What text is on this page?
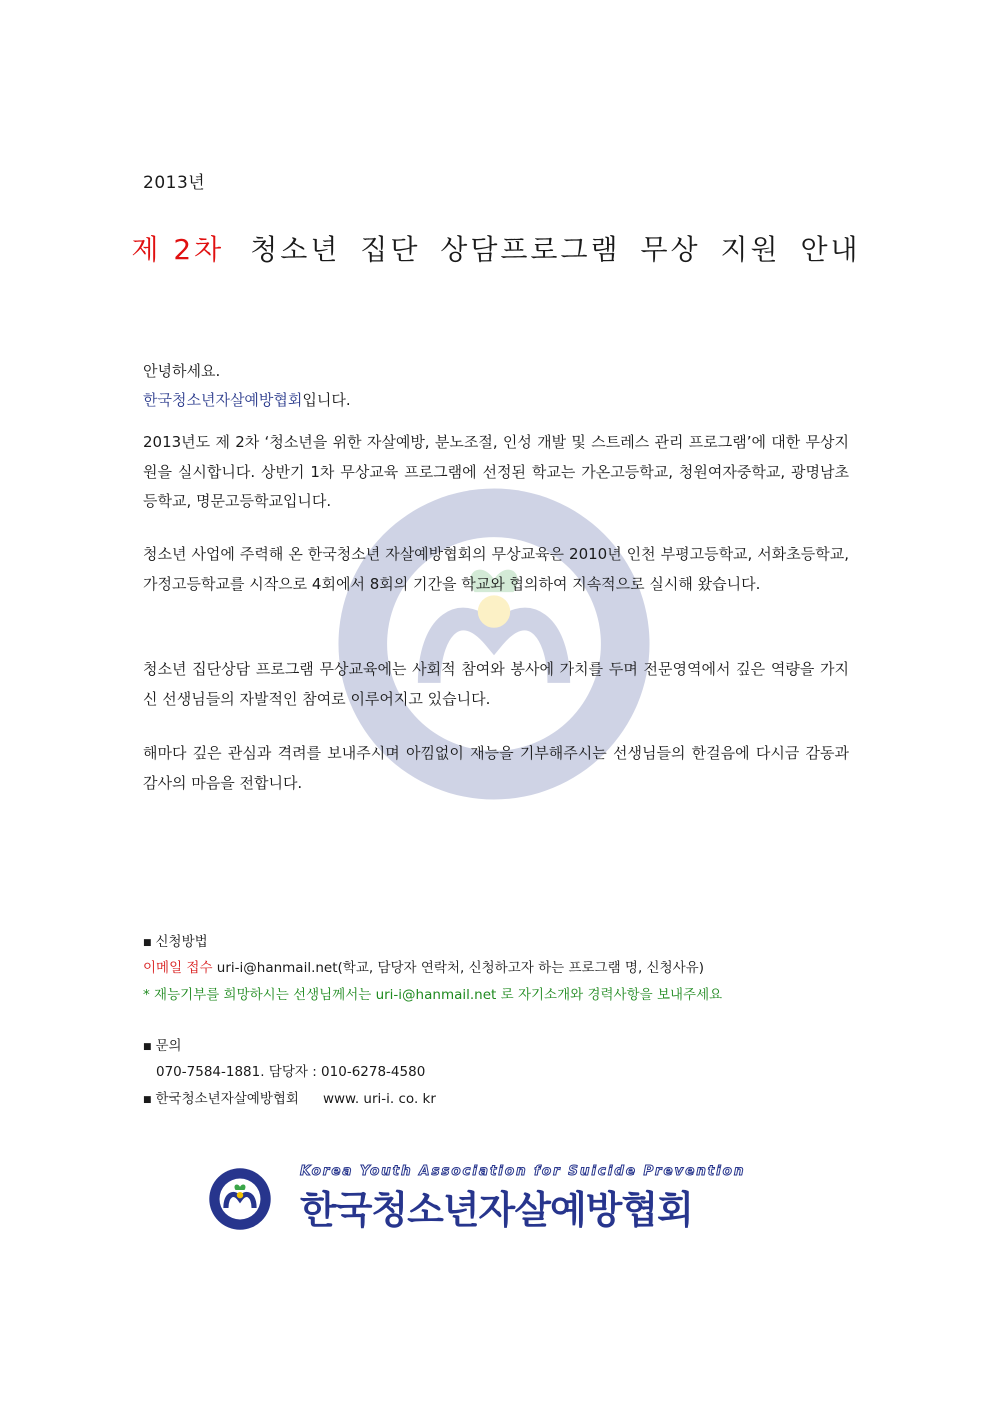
2013년
제 2차 청소년 집단 상담프로그램 무상 지원 안내
안녕하세요.
한국청소년자살예방협회입니다.
2013년도 제 2차 ‘청소년을 위한 자살예방, 분노조절, 인성 개발 및 스트레스 관리 프로그램’에 대한 무상지원을 실시합니다. 상반기 1차 무상교육 프로그램에 선정된 학교는 가온고등학교, 청원여자중학교, 광명남초등학교, 명문고등학교입니다.
청소년 사업에 주력해 온 한국청소년 자살예방협회의 무상교육은 2010년 인천 부평고등학교, 서화초등학교, 가정고등학교를 시작으로 4회에서 8회의 기간을 학교와 협의하여 지속적으로 실시해 왔습니다.
청소년 집단상담 프로그램 무상교육에는 사회적 참여와 봉사에 가치를 두며 전문영역에서 깊은 역량을 가지신 선생님들의 자발적인 참여로 이루어지고 있습니다.
해마다 깊은 관심과 격려를 보내주시며 아낌없이 재능을 기부해주시는 선생님들의 한걸음에 다시금 감동과 감사의 마음을 전합니다.
■ 신청방법
이메일 접수 uri-i@hanmail.net(학교, 담당자 연락처, 신청하고자 하는 프로그램 명, 신청사유)
* 재능기부를 희망하시는 선생님께서는 uri-i@hanmail.net 로 자기소개와 경력사항을 보내주세요
■ 문의
070-7584-1881. 담당자 : 010-6278-4580
■ 한국청소년자살예방협회 www. uri-i. co. kr
Korea Youth Association for Suicide Prevention
한국청소년자살예방협회
